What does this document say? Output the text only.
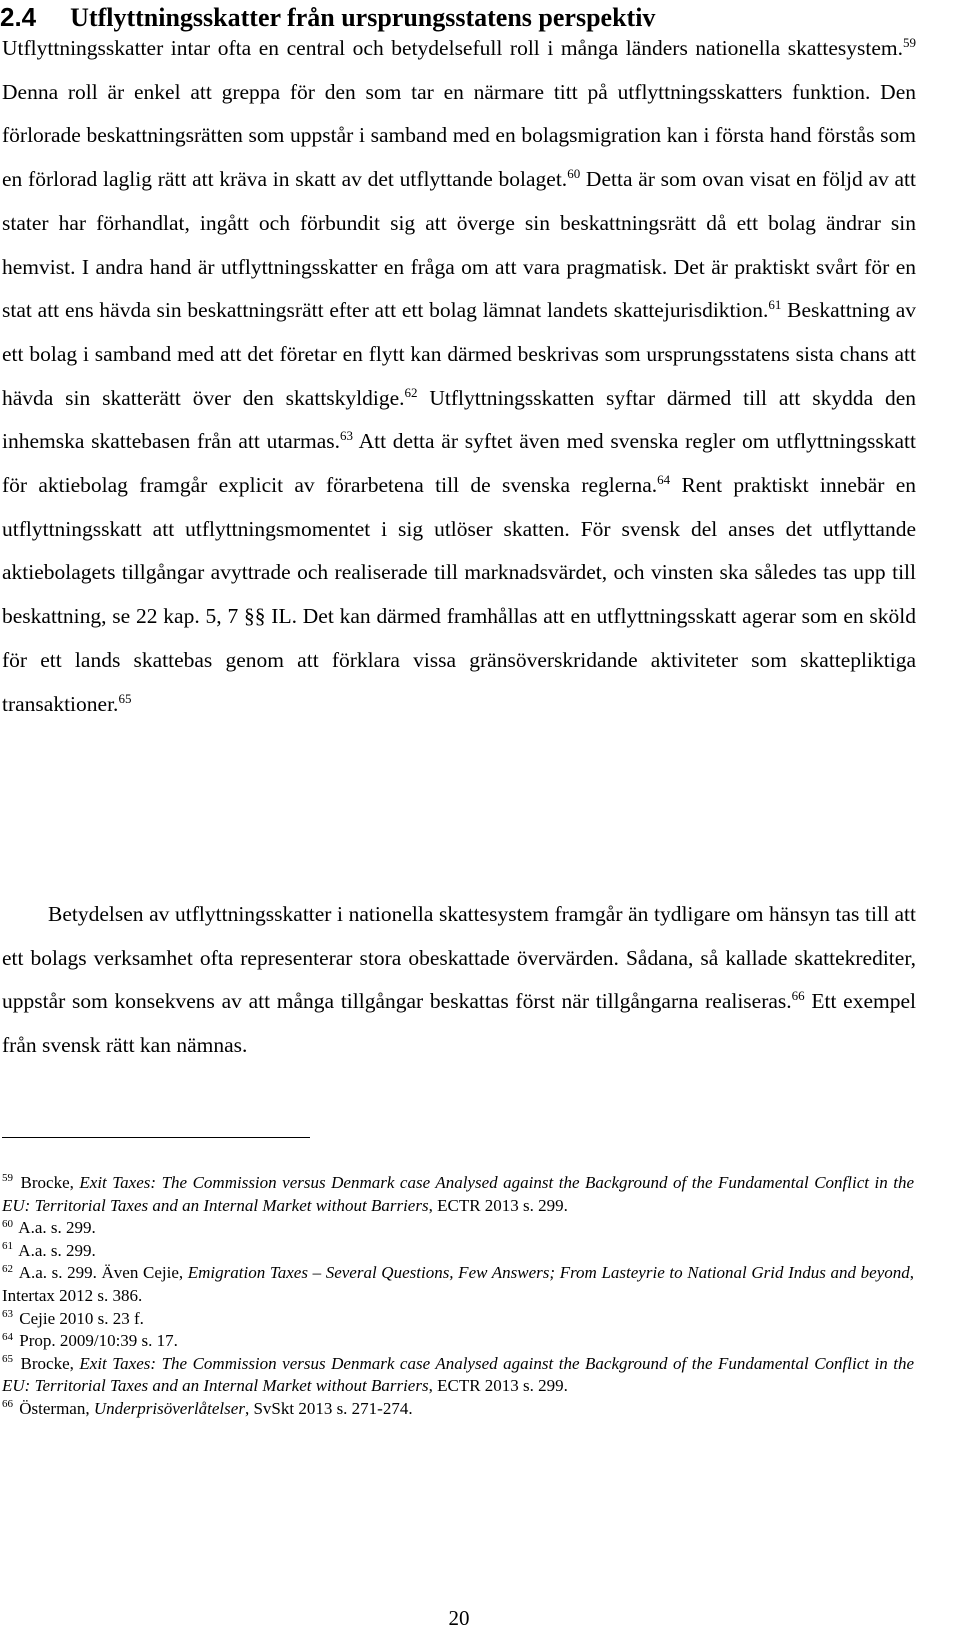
2.4 Utflyttningsskatter från ursprungsstatens perspektiv

Utflyttningsskatter intar ofta en central och betydelsefull roll i många länders nationella skattesystem.$^{59}$ Denna roll är enkel att greppa för den som tar en närmare titt på utflyttningsskatters funktion. Den förlorade beskattningsrätten som uppstår i samband med en bolagsmigration kan i första hand förstås som en förlorad laglig rätt att kräva in skatt av det utflyttande bolaget.$^{60}$ Detta är som ovan visat en följd av att stater har förhandlat, ingått och förbundit sig att överge sin beskattningsrätt då ett bolag ändrar sin hemvist. I andra hand är utflyttningsskatter en fråga om att vara pragmatisk. Det är praktiskt svårt för en stat att ens hävda sin beskattningsrätt efter att ett bolag lämnat landets skattejurisdiktion.$^{61}$ Beskattning av ett bolag i samband med att det företar en flytt kan därmed beskrivas som ursprungsstatens sista chans att hävda sin skatterätt över den skattskyldige.$^{62}$ Utflyttningsskatten syftar därmed till att skydda den inhemska skattebasen från att utarmas.$^{63}$ Att detta är syftet även med svenska regler om utflyttningsskatt för aktiebolag framgår explicit av förarbetena till de svenska reglerna.$^{64}$ Rent praktiskt innebär en utflyttningsskatt att utflyttningsmomentet i sig utlöser skatten. För svensk del anses det utflyttande aktiebolagets tillgångar avyttrade och realiserade till marknadsvärdet, och vinsten ska således tas upp till beskattning, se 22 kap. 5, 7 §§ IL. Det kan därmed framhållas att en utflyttningsskatt agerar som en sköld för ett lands skattebas genom att förklara vissa gränsöverskridande aktiviteter som skattepliktiga transaktioner.$^{65}$

Betydelsen av utflyttningsskatter i nationella skattesystem framgår än tydligare om hänsyn tas till att ett bolags verksamhet ofta representerar stora obeskattade övervärden. Sådana, så kallade skattekrediter, uppstår som konsekvens av att många tillgångar beskattas först när tillgångarna realiseras.$^{66}$ Ett exempel från svensk rätt kan nämnas.

$^{59}$ Brocke, Exit Taxes: The Commission versus Denmark case Analysed against the Background of the Fundamental Conflict in the EU: Territorial Taxes and an Internal Market without Barriers, ECTR 2013 s. 299.
$^{60}$ A.a. s. 299.
$^{61}$ A.a. s. 299.
$^{62}$ A.a. s. 299. Även Cejie, Emigration Taxes – Several Questions, Few Answers; From Lasteyrie to National Grid Indus and beyond, Intertax 2012 s. 386.
$^{63}$ Cejie 2010 s. 23 f.
$^{64}$ Prop. 2009/10:39 s. 17.
$^{65}$ Brocke, Exit Taxes: The Commission versus Denmark case Analysed against the Background of the Fundamental Conflict in the EU: Territorial Taxes and an Internal Market without Barriers, ECTR 2013 s. 299.
$^{66}$ Österman, Underprisöverlåtelser, SvSkt 2013 s. 271-274.
20
